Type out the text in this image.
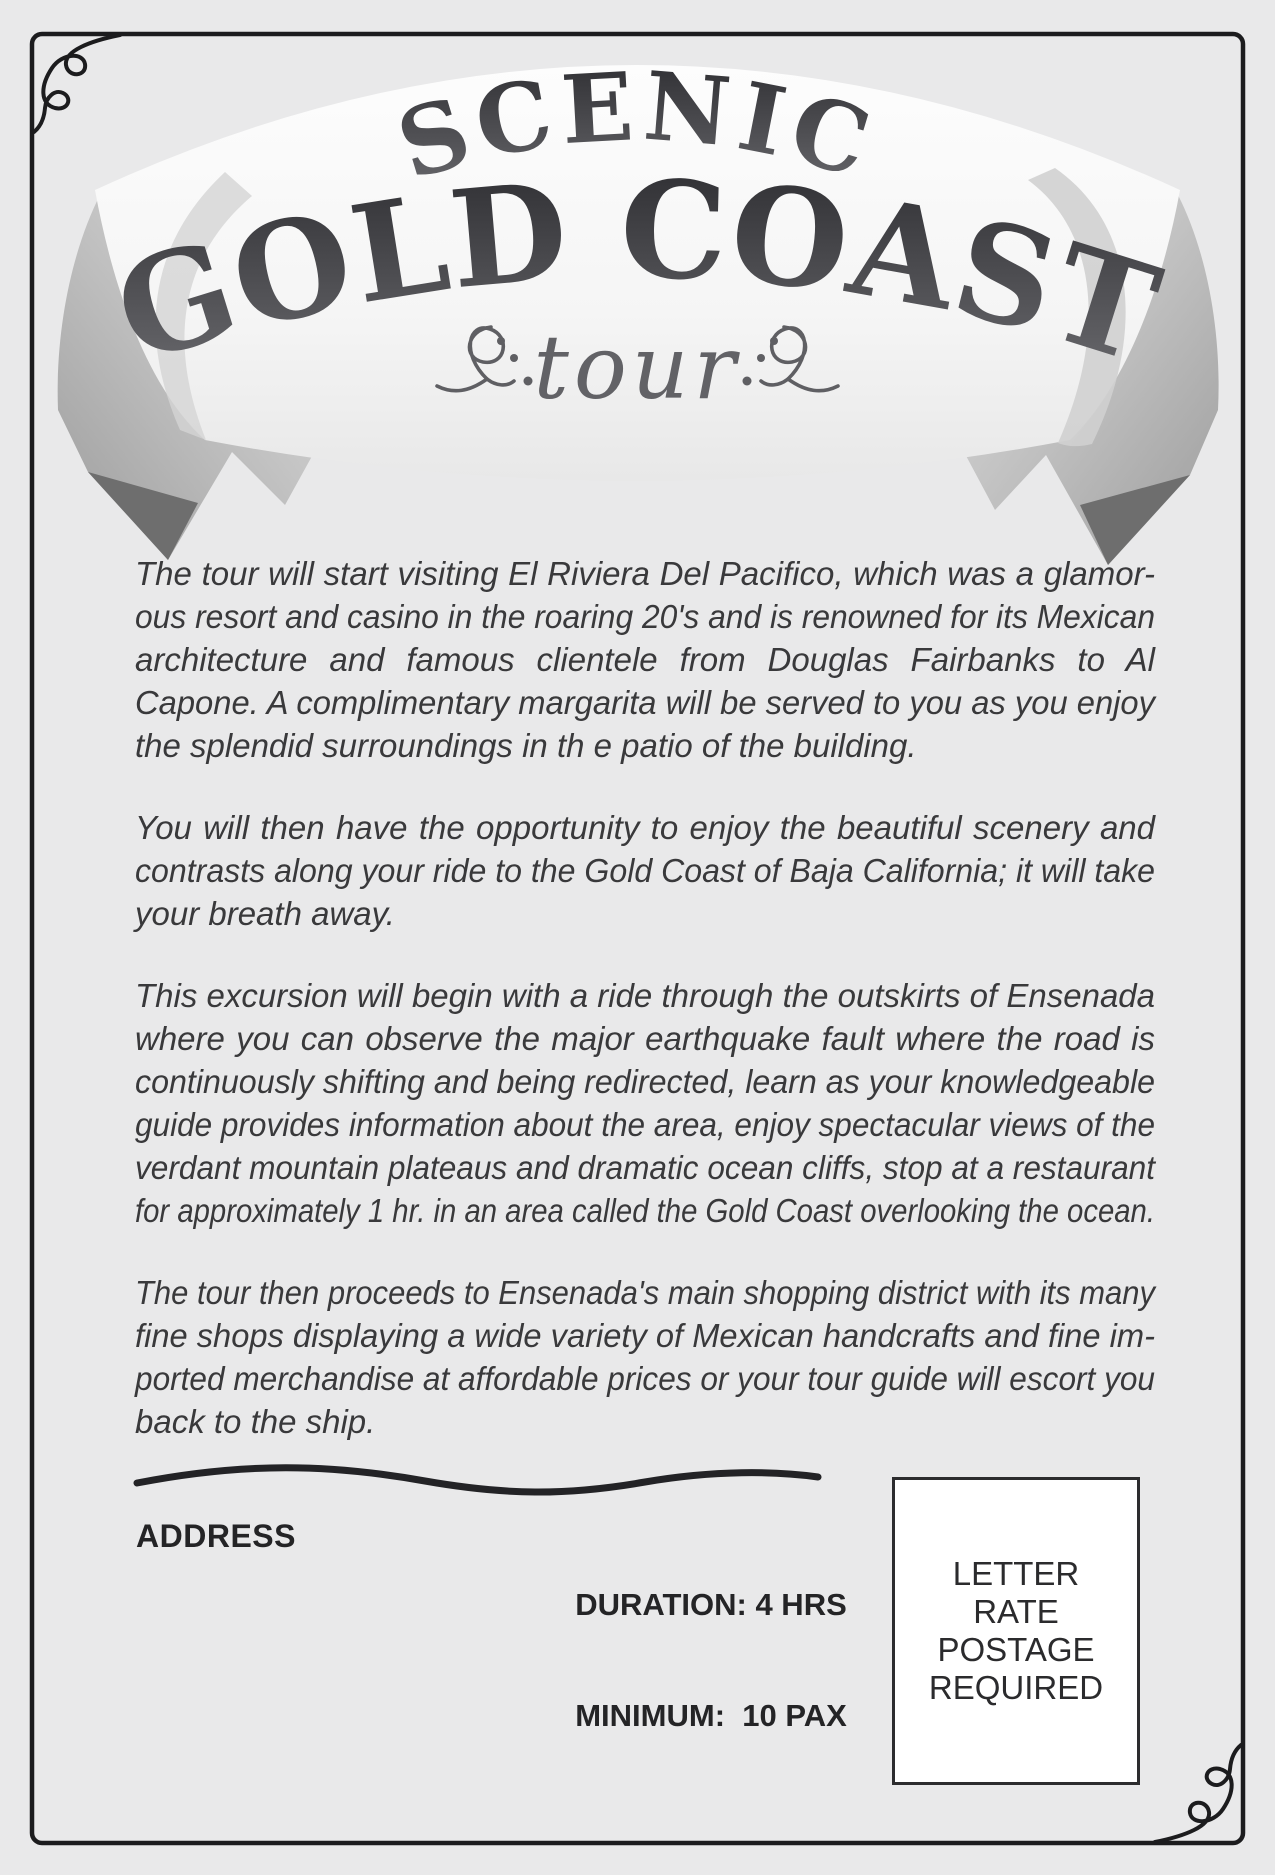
SCENIC
GOLD COAST
tour
The tour will start visiting El Riviera Del Pacifico, which was a glamor-
ous resort and casino in the roaring 20's and is renowned for its Mexican
architecture and famous clientele from Douglas Fairbanks to Al
Capone. A complimentary margarita will be served to you as you enjoy
the splendid surroundings in th e patio of the building.
You will then have the opportunity to enjoy the beautiful scenery and
contrasts along your ride to the Gold Coast of Baja California; it will take
your breath away.
This excursion will begin with a ride through the outskirts of Ensenada
where you can observe the major earthquake fault where the road is
continuously shifting and being redirected, learn as your knowledgeable
guide provides information about the area, enjoy spectacular views of the
verdant mountain plateaus and dramatic ocean cliffs, stop at a restaurant
for approximately 1 hr. in an area called the Gold Coast overlooking the ocean.
The tour then proceeds to Ensenada's main shopping district with its many
fine shops displaying a wide variety of Mexican handcrafts and fine im-
ported merchandise at affordable prices or your tour guide will escort you
back to the ship.
ADDRESS

DURATION: 4 HRS

MINIMUM:  10 PAX

LETTER
RATE
POSTAGE
REQUIRED
